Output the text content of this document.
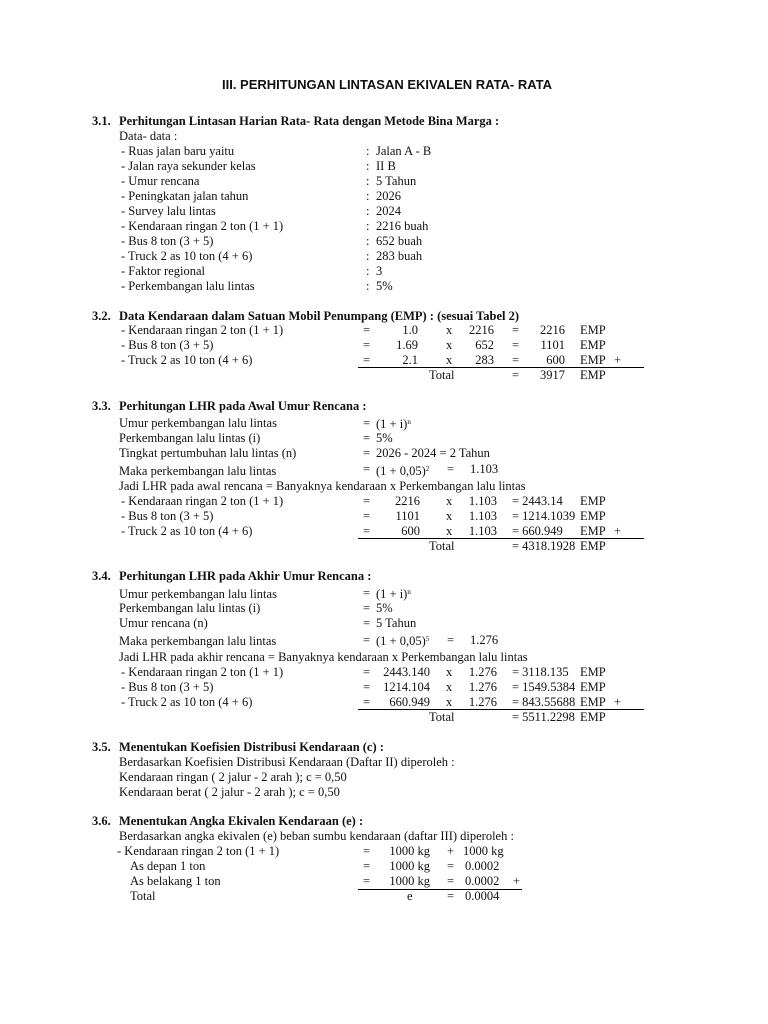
III. PERHITUNGAN LINTASAN EKIVALEN RATA- RATA
3.1. Perhitungan Lintasan Harian Rata- Rata dengan Metode Bina Marga :
Data- data :
- Ruas jalan baru yaitu	: Jalan A - B
- Jalan raya sekunder kelas	: II B
- Umur rencana	: 5 Tahun
- Peningkatan jalan tahun	: 2026
- Survey lalu lintas	: 2024
- Kendaraan ringan 2 ton (1 + 1)	: 2216 buah
- Bus 8 ton (3 + 5)	: 652 buah
- Truck 2 as 10 ton (4 + 6)	: 283 buah
- Faktor regional	: 3
- Perkembangan lalu lintas	: 5%
3.2. Data Kendaraan dalam Satuan Mobil Penumpang (EMP) : (sesuai Tabel 2)
- Kendaraan ringan 2 ton (1 + 1)	=	1.0 x	2216 =	2216 EMP
- Bus 8 ton (3 + 5)	=	1.69 x	652 =	1101 EMP
- Truck 2 as 10 ton (4 + 6)	=	2.1 x	283 =	600 EMP +
Total	=	3917 EMP
3.3. Perhitungan LHR pada Awal Umur Rencana :
Umur perkembangan lalu lintas	= $(1 + i)^n$
Perkembangan lalu lintas (i)	= 5%
Tingkat pertumbuhan lalu lintas (n)	= 2026 - 2024 = 2 Tahun
Maka perkembangan lalu lintas	= $(1 + 0,05)^2 = 1.103$
Jadi LHR pada awal rencana = Banyaknya kendaraan x Perkembangan lalu lintas
- Kendaraan ringan 2 ton (1 + 1)	=	2216 x	1.103 = 2443.14 EMP
- Bus 8 ton (3 + 5)	=	1101 x	1.103 = 1214.1039 EMP
- Truck 2 as 10 ton (4 + 6)	=	600 x	1.103 = 660.949 EMP +
Total	= 4318.1928 EMP
3.4. Perhitungan LHR pada Akhir Umur Rencana :
Umur perkembangan lalu lintas	= $(1 + i)^n$
Perkembangan lalu lintas (i)	= 5%
Umur rencana (n)	= 5 Tahun
Maka perkembangan lalu lintas	= $(1 + 0,05)^5 = 1.276$
Jadi LHR pada akhir rencana = Banyaknya kendaraan x Perkembangan lalu lintas
- Kendaraan ringan 2 ton (1 + 1)	=	2443.140 x	1.276 = 3118.135 EMP
- Bus 8 ton (3 + 5)	=	1214.104 x	1.276 = 1549.5384 EMP
- Truck 2 as 10 ton (4 + 6)	=	660.949 x	1.276 = 843.55688 EMP +
Total	= 5511.2298 EMP
3.5. Menentukan Koefisien Distribusi Kendaraan (c) :
Berdasarkan Koefisien Distribusi Kendaraan (Daftar II) diperoleh :
Kendaraan ringan ( 2 jalur - 2 arah ); c = 0,50
Kendaraan berat ( 2 jalur - 2 arah ); c = 0,50
3.6. Menentukan Angka Ekivalen Kendaraan (e) :
Berdasarkan angka ekivalen (e) beban sumbu kendaraan (daftar III) diperoleh :
- Kendaraan ringan 2 ton (1 + 1)	=	1000 kg + 1000 kg
As depan 1 ton	=	1000 kg = 0.0002
As belakang 1 ton	=	1000 kg = 0.0002 +
Total	e	= 0.0004
